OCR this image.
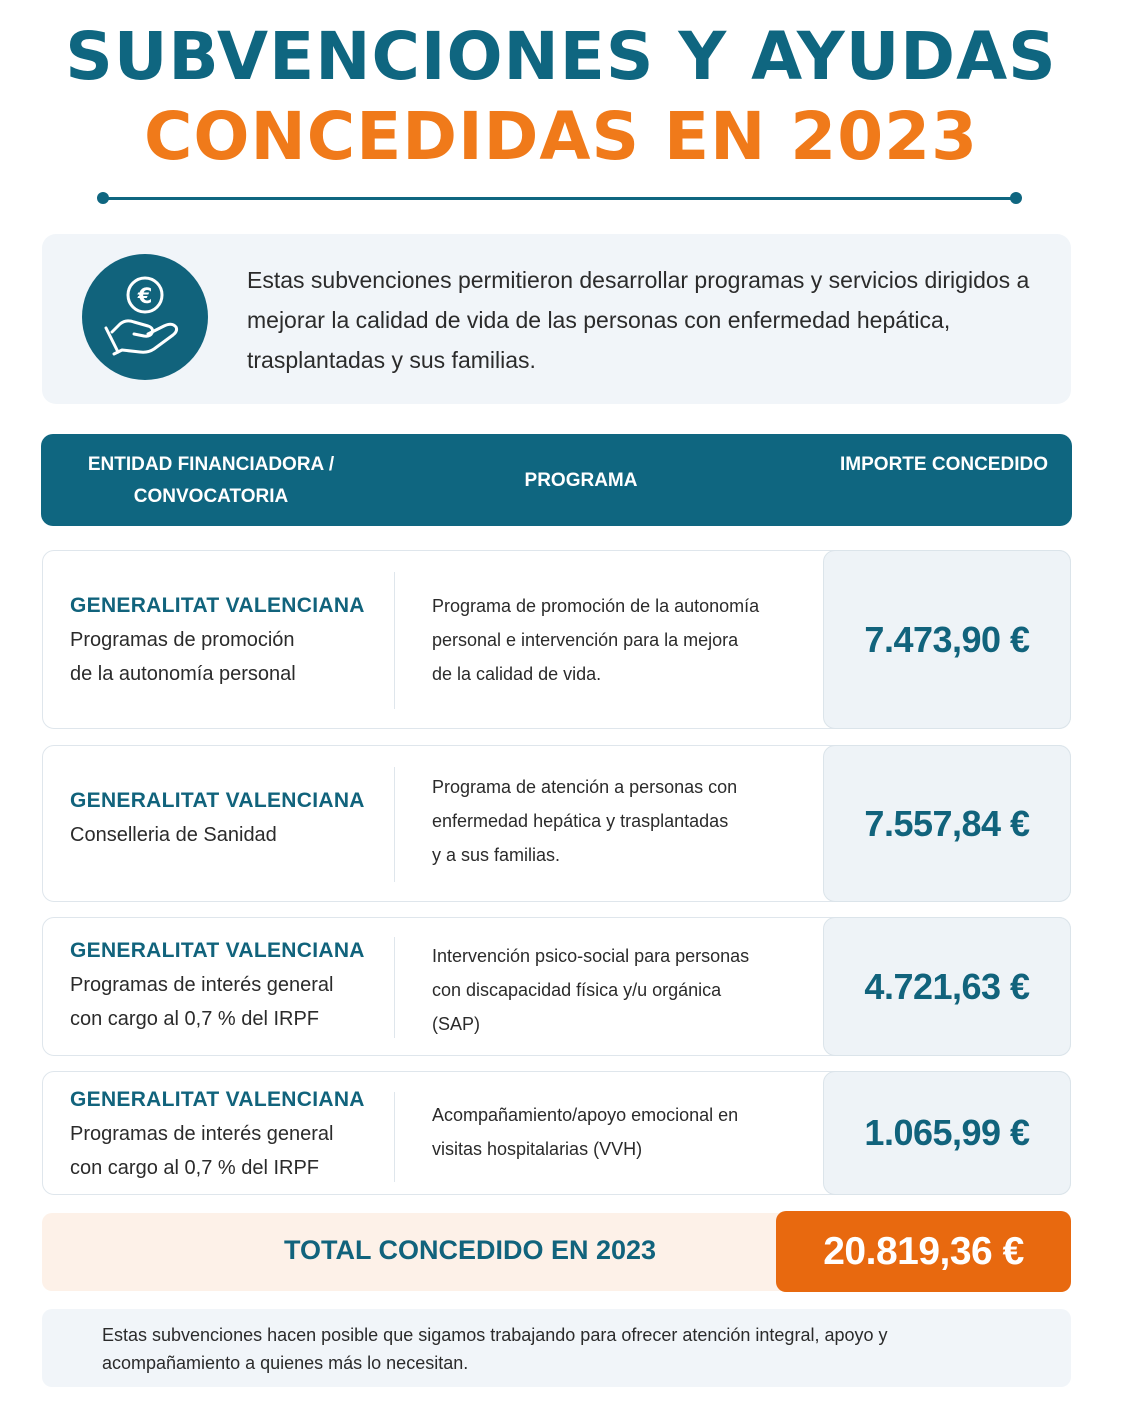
SUBVENCIONES Y AYUDAS
CONCEDIDAS EN 2023
€

Estas subvenciones permitieron desarrollar programas y servicios dirigidos a mejorar la calidad de vida de las personas con enfermedad hepática, trasplantadas y sus familias.

ENTIDAD FINANCIADORA / CONVOCATORIA
PROGRAMA
IMPORTE CONCEDIDO
GENERALITAT VALENCIANA
Programas de promoción
de la autonomía personal
Programa de promoción de la autonomía
personal e intervención para la mejora
de la calidad de vida.
7.473,90 €
GENERALITAT VALENCIANA
Conselleria de Sanidad
Programa de atención a personas con
enfermedad hepática y trasplantadas
y a sus familias.
7.557,84 €
GENERALITAT VALENCIANA
Programas de interés general
con cargo al 0,7 % del IRPF
Intervención psico-social para personas
con discapacidad física y/u orgánica
(SAP)
4.721,63 €
GENERALITAT VALENCIANA
Programas de interés general
con cargo al 0,7 % del IRPF
Acompañamiento/apoyo emocional en
visitas hospitalarias (VVH)	1.065,99 €
TOTAL CONCEDIDO EN 2023	20.819,36 €

Estas subvenciones hacen posible que sigamos trabajando para ofrecer atención integral, apoyo y acompañamiento a quienes más lo necesitan.
